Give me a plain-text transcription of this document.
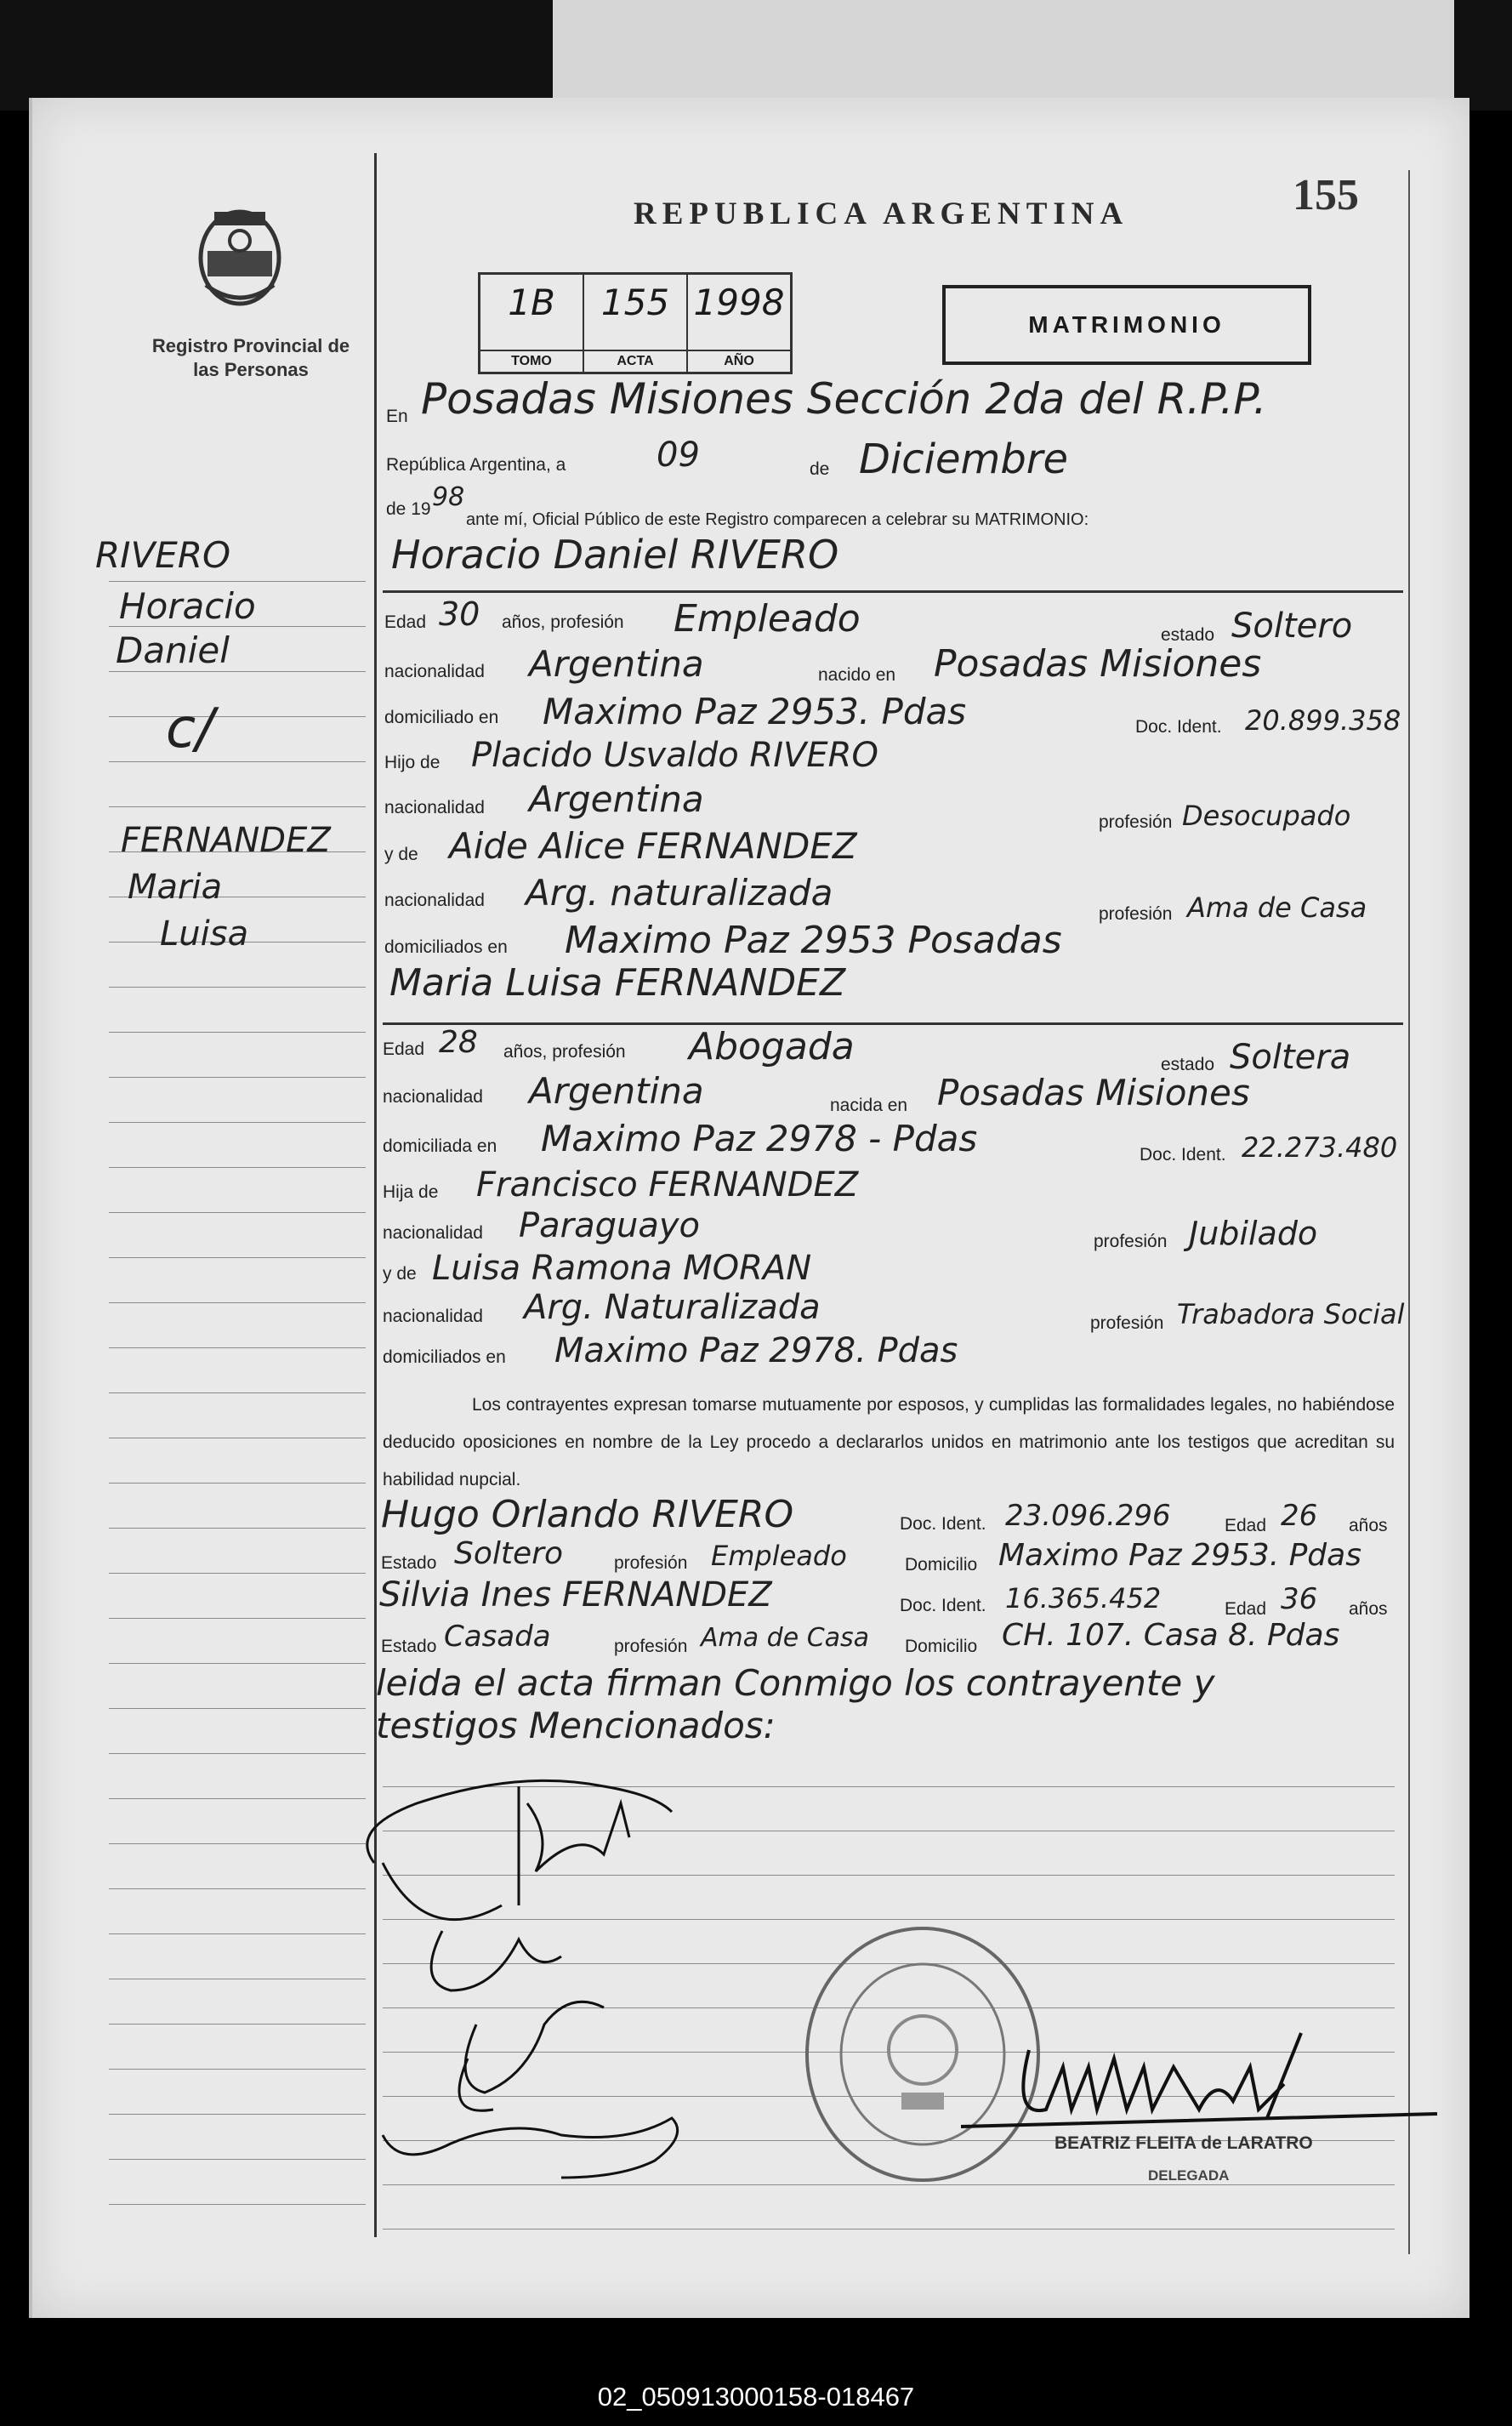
Registro Provincial de las Personas
REPUBLICA ARGENTINA	155
1B
TOMO
155
ACTA
1998
AÑO
MATRIMONIO
RIVERO
Horacio
Daniel
c/
FERNANDEZ
Maria
Luisa
En Posadas Misiones Sección 2da del R.P.P.
República Argentina, a	09	de Diciembre
de 19 98
ante mí, Oficial Público de este Registro comparecen a celebrar su MATRIMONIO:
Horacio Daniel RIVERO
Edad 30 años, profesión Empleado	estado Soltero
nacionalidad Argentina	nacido en Posadas Misiones
domiciliado en Maximo Paz 2953. Pdas	Doc. Ident. 20.899.358
Hijo de Placido Usvaldo RIVERO
nacionalidad Argentina
profesión Desocupado
y de Aide Alice FERNANDEZ
nacionalidad Arg. naturalizada
profesión Ama de Casa
domiciliados en Maximo Paz 2953 Posadas
Maria Luisa FERNANDEZ
Edad 28 años, profesión Abogada	estado Soltera
nacionalidad Argentina	nacida en Posadas Misiones
domiciliada en Maximo Paz 2978 - Pdas	Doc. Ident. 22.273.480
Hija de Francisco FERNANDEZ
nacionalidad Paraguayo	profesión Jubilado
y de Luisa Ramona MORAN
nacionalidad Arg. Naturalizada	profesión Trabadora Social
domiciliados en Maximo Paz 2978. Pdas
Los contrayentes expresan tomarse mutuamente por esposos, y cumplidas las formalidades legales, no habiéndose deducido oposiciones en nombre de la Ley procedo a declararlos unidos en matrimonio ante los testigos que acreditan su habilidad nupcial.
Hugo Orlando RIVERO	Doc. Ident. 23.096.296	Edad 26 años
Estado Soltero	profesión Empleado	Domicilio Maximo Paz 2953. Pdas
Silvia Ines FERNANDEZ	Doc. Ident. 16.365.452	Edad 36 años
Estado Casada	profesión Ama de Casa Domicilio CH. 107. Casa 8. Pdas
leida el acta firman Conmigo los contrayente y
testigos Mencionados:
BEATRIZ FLEITA de LARATRO
DELEGADA
02_050913000158-018467
